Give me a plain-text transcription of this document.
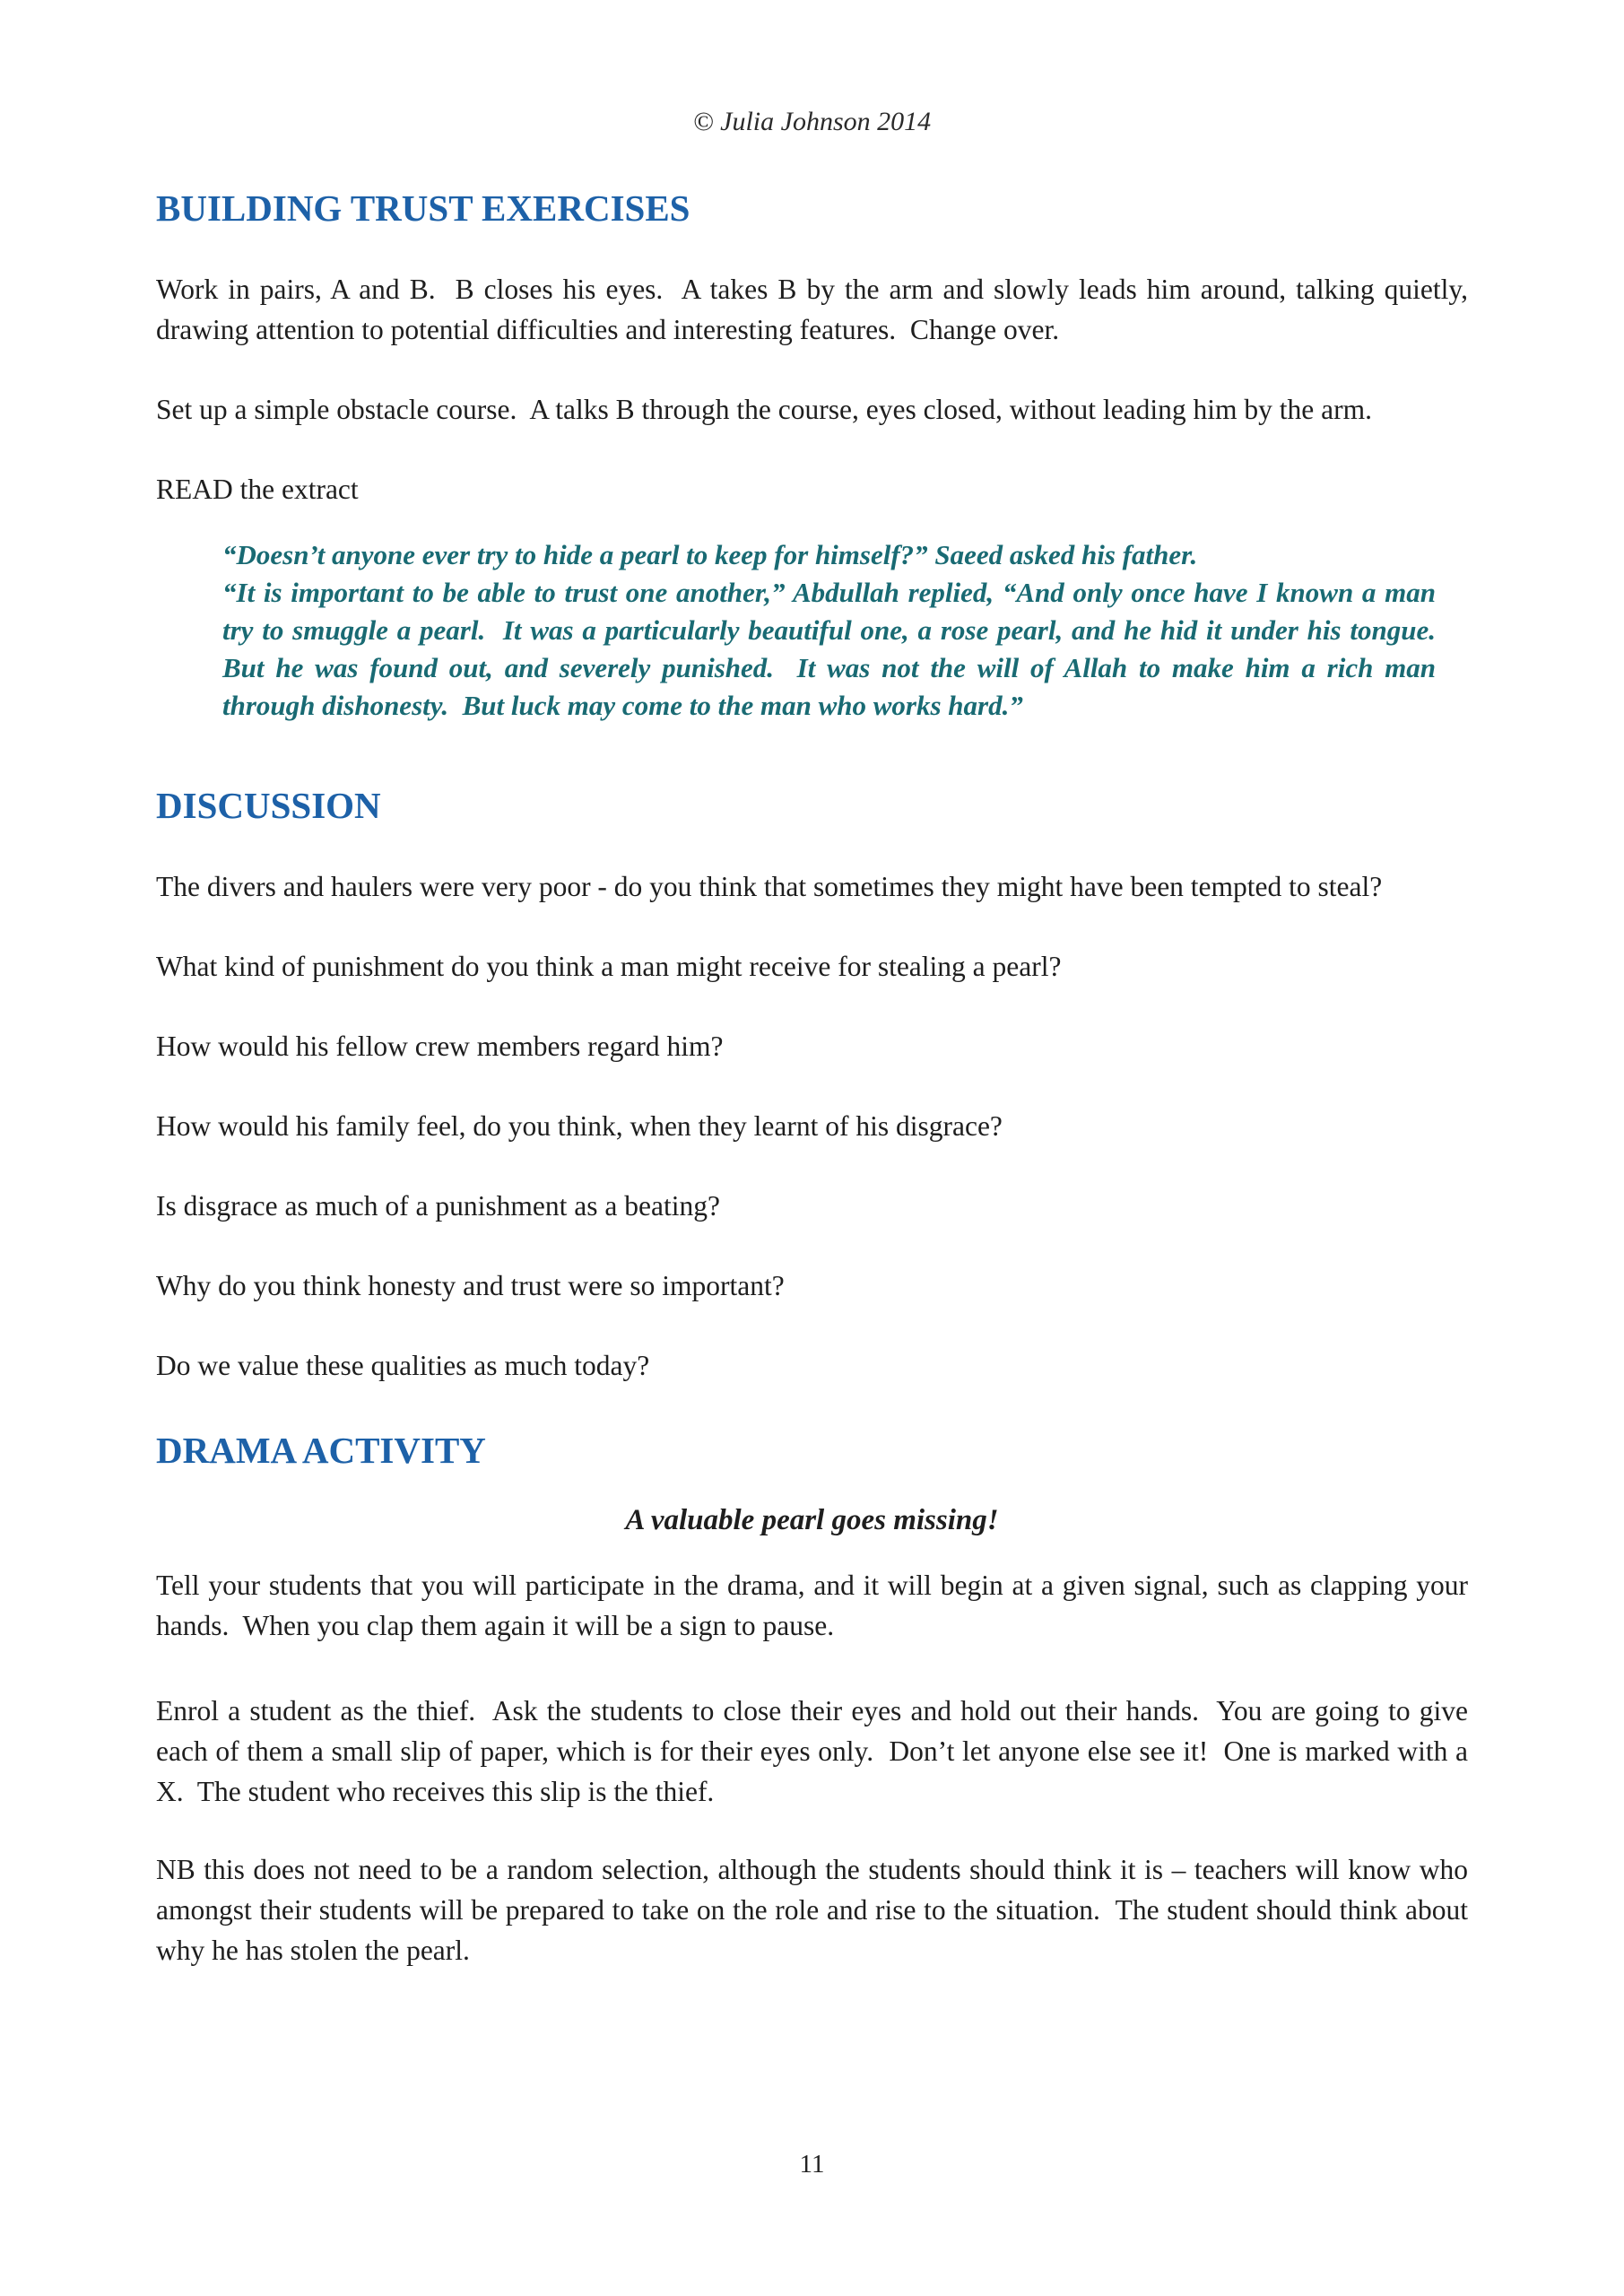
© Julia Johnson 2014

BUILDING TRUST EXERCISES

Work in pairs, A and B.  B closes his eyes.  A takes B by the arm and slowly leads him around, talking quietly, drawing attention to potential difficulties and interesting features.  Change over.

Set up a simple obstacle course.  A talks B through the course, eyes closed, without leading him by the arm.

READ the extract

“Doesn’t anyone ever try to hide a pearl to keep for himself?” Saeed asked his father.

“It is important to be able to trust one another,” Abdullah replied, “And only once have I known a man try to smuggle a pearl.  It was a particularly beautiful one, a rose pearl, and he hid it under his tongue.  But he was found out, and severely punished.  It was not the will of Allah to make him a rich man through dishonesty.  But luck may come to the man who works hard.”

DISCUSSION

The divers and haulers were very poor - do you think that sometimes they might have been tempted to steal?

What kind of punishment do you think a man might receive for stealing a pearl?

How would his fellow crew members regard him?

How would his family feel, do you think, when they learnt of his disgrace?

Is disgrace as much of a punishment as a beating?

Why do you think honesty and trust were so important?

Do we value these qualities as much today?

DRAMA ACTIVITY

A valuable pearl goes missing!

Tell your students that you will participate in the drama, and it will begin at a given signal, such as clapping your hands.  When you clap them again it will be a sign to pause.

Enrol a student as the thief.  Ask the students to close their eyes and hold out their hands.  You are going to give each of them a small slip of paper, which is for their eyes only.  Don’t let anyone else see it!  One is marked with a X.  The student who receives this slip is the thief.

NB this does not need to be a random selection, although the students should think it is – teachers will know who amongst their students will be prepared to take on the role and rise to the situation.  The student should think about why he has stolen the pearl.

11
